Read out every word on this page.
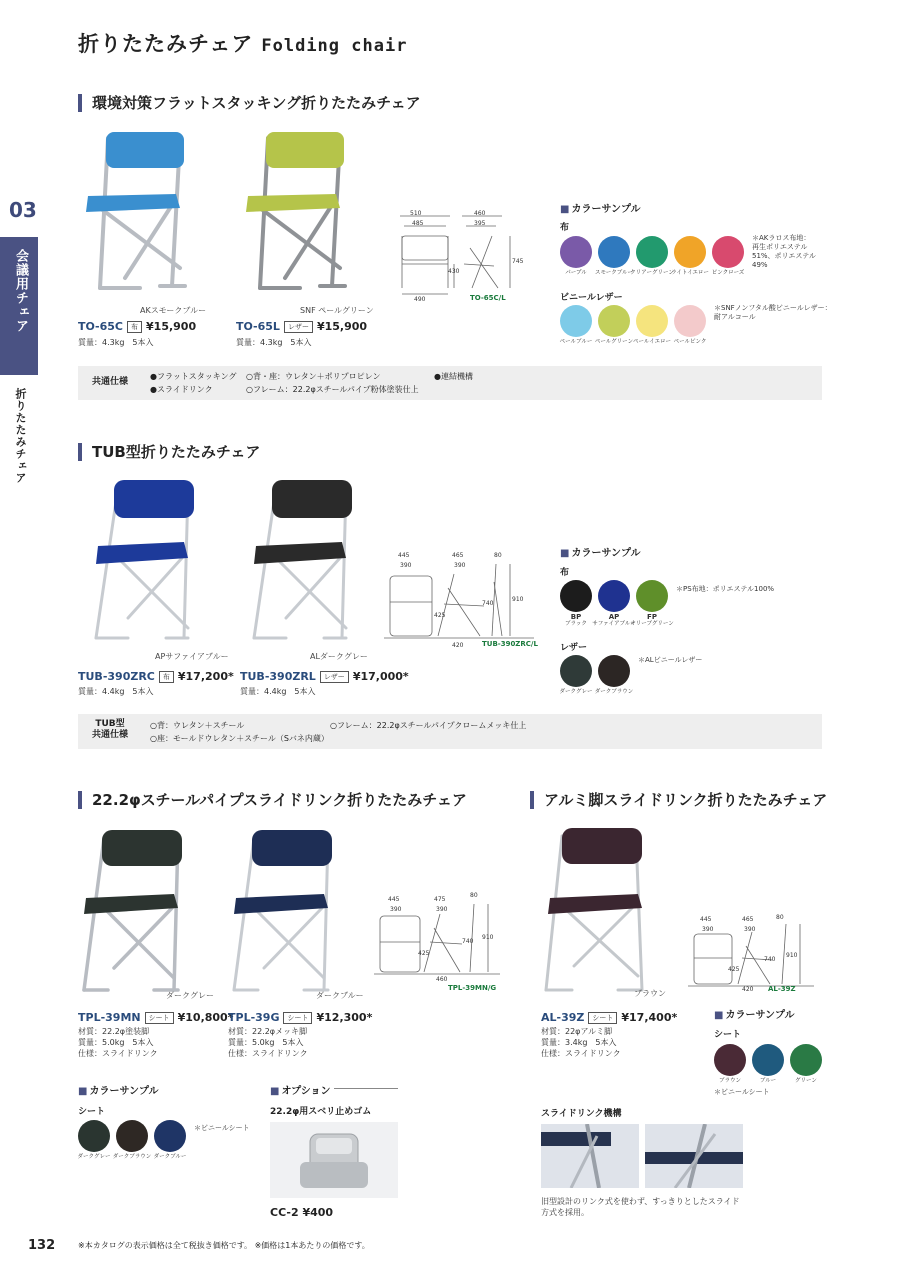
折りたたみチェア Folding chair
03
会議用チェア
折りたたみチェア
環境対策フラットスタッキング折りたたみチェア
AKスモークブルー
TO-65C 布 ¥15,900
質量：4.3kg　5本入
SNF ペールグリーン
TO-65L レザー ¥15,900
質量：4.3kg　5本入
510
485
460
395
745
430
490	TO-65C/L
■ カラーサンプル
布
パープル	スモークブルー
クリアーグリーン
ライトイエロー ピンクローズ
＊AKラロス布地：
再生ポリエステル
51%、ポリエステル
49%
ビニールレザー
ペールブルー ペールグリーン ペールイエロー ペールピンク
＊SNFノンフタル酸ビニールレザー：
耐アルコール
共通仕様
●フラットスタッキング
●スライドリンク
○背・座：ウレタン＋ポリプロピレン
○フレーム：22.2φスチールパイプ粉体塗装仕上
●連結機構
TUB型折りたたみチェア
APサファイアブルー
TUB-390ZRC 布 ¥17,200*
質量：4.4kg　5本入
ALダークグレー
TUB-390ZRL レザー ¥17,000*
質量：4.4kg　5本入
445
390
465
390
80
910
740
425
420	TUB-390ZRC/L
■ カラーサンプル
布
BP
ブラック
AP
サファイアブルー
FP
オリーブグリーン
＊PS布地：ポリエステル100%
レザー
ダークグレー ダークブラウン
＊ALビニールレザー
TUB型
共通仕様
○背：ウレタン＋スチール
○座：モールドウレタン＋スチール（Sバネ内蔵）
○フレーム：22.2φスチールパイプクロームメッキ仕上
22.2φスチールパイプスライドリンク折りたたみチェア
ダークグレー
TPL-39MN シート ¥10,800*
材質：22.2φ塗装脚
質量：5.0kg　5本入
仕様：スライドリンク
ダークブルー
TPL-39G シート ¥12,300*
材質：22.2φメッキ脚
質量：5.0kg　5本入
仕様：スライドリンク
445
390
475
390
80
910
740
425
460
TPL-39MN/G
■ カラーサンプル
シート
ダークグレー ダークブラウン ダークブルー
＊ビニールシート
■ オプション
22.2φ用スベリ止めゴム
CC-2 ¥400
アルミ脚スライドリンク折りたたみチェア
ブラウン
AL-39Z シート ¥17,400*
材質：22φアルミ脚
質量：3.4kg　5本入
仕様：スライドリンク
445
390
465
390
80
910
740
425
420 AL-39Z
■ カラーサンプル
シート
ブラウン	ブルー	グリーン
＊ビニールシート
スライドリンク機構
旧型設計のリンク式を使わず、すっきりとしたスライド
方式を採用。
132	※本カタログの表示価格は全て税抜き価格です。 ※価格は1本あたりの価格です。
